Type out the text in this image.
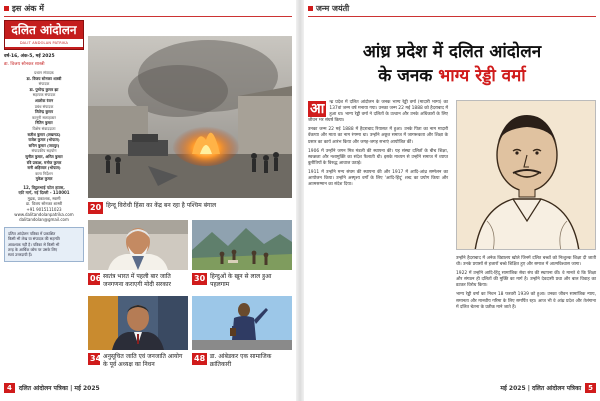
इस अंक में
दलित आंदोलन
DALIT ANDOLAN PATRIKA
वर्ष-16, अंक-5, मई 2025
डा. विजय सोनकर शास्त्री
प्रधान संपादक
डा. विजय सोनकर शास्त्री
संपादक
डा. पुष्पेन्द्र कुमार झा
सहायक संपादक
आलोक रंजन
प्रबंध संपादक
जितेन्द्र कुमार
कानूनी सलाहकार
नितिन कुमार
विशेष संवाददाता
सतीश कुमार (लखनऊ)
राजेश कुमार (भोपाल)
सचिन कुमार (जयपुर)
संपादकीय सहयोग
सुनील कुमार, अमित कुमार
रवि प्रकाश, मनोज कुमार
सनी अहिरवार (भोपाल)
कला निर्देशन
मुकेश कुमार
12, विट्ठलभाई पटेल हाउस,
रफ़ी मार्ग, नई दिल्ली - 110001
मुद्रक, प्रकाशक, स्वामी
डा. विजय सोनकर शास्त्री
+91 9015111023
www.dalitandolanpatrika.com
dalitandolan@gmail.com
दलित आंदोलन पत्रिका में प्रकाशित
किसी भी लेख या संपादक की सहमति
आवश्यक नहीं है। पत्रिका से किसी भी
तरह के आर्थिक कोष पर उसके लिए
स्वयं उत्तरदायी हैं।
20 हिन्दू विरोधी हिंसा का केंद्र बन रहा है पश्चिम बंगाल
06 स्वतंत्र भारत में पहली बार जाति जनगणना कराएगी मोदी सरकार
30 हिन्दुओं के खून से लाल हुआ पहलगाम
34 अनुसूचित जाति एवं जनजाति आयोग के पूर्व अध्यक्ष का निधन
48 डा. आंबेडकर एक सामाजिक क्रांतिकारी
4	दलित आंदोलन पत्रिका | मई 2025
जन्म जयंती
आंध्र प्रदेश में दलित आंदोलन
के जनक भाग्य रेड्डी वर्मा

आ	न्ध्र प्रदेश में दलित आंदोलन के जनक भाग्य रेड्डी वर्मा (मादारी भाग्य) का 137वां जन्म वर्ष मनाया गया। उनका जन्म 22 मई 1888 को हैदराबाद में हुआ था। भाग्य रेड्डी वर्मा ने दलितों के उत्थान और उनके अधिकारों के लिए जीवन भर संघर्ष किया।

उनका जन्म 22 मई 1888 में हैदराबाद रियासत में हुआ। उनके पिता का नाम मादारी वेंकय्या और माता का नाम रंगम्मा था। उन्होंने अछूत समाज में जागरूकता और शिक्षा के प्रसार का कार्य आरंभ किया और जगह-जगह सभाएं आयोजित कीं।

1906 में उन्होंने जगन मित्र मंडली की स्थापना की। यह संस्था दलितों के बीच शिक्षा, स्वच्छता और नशामुक्ति का संदेश फैलाती थी। इसके माध्यम से उन्होंने समाज में व्याप्त कुरीतियों के विरुद्ध आवाज उठाई।

1911 में उन्होंने मन्य संघम की स्थापना की और 1917 में आदि-आंध्र सम्मेलन का आयोजन किया। उन्होंने अस्पृश्य वर्गों के लिए 'आदि-हिंदू' शब्द का प्रयोग किया और आत्मसम्मान का संदेश दिया।

उन्होंने हैदराबाद में अनेक विद्यालय खोले जिनमें दलित बच्चों को निःशुल्क शिक्षा दी जाती थी। उनके प्रयासों से हजारों बच्चे शिक्षित हुए और समाज में आत्मविश्वास जागा।

1922 में उन्होंने आदि-हिंदू सामाजिक सेवा संघ की स्थापना की। वे मानते थे कि शिक्षा और संगठन ही दलितों की मुक्ति का मार्ग है। उन्होंने देवदासी प्रथा और बाल विवाह का डटकर विरोध किया।

भाग्य रेड्डी वर्मा का निधन 18 फरवरी 1939 को हुआ। उनका जीवन सामाजिक न्याय, समानता और मानवीय गरिमा के लिए समर्पित रहा। आज भी वे आंध्र प्रदेश और तेलंगाना में दलित चेतना के प्रतीक माने जाते हैं।

मई 2025 | दलित आंदोलन पत्रिका	5
